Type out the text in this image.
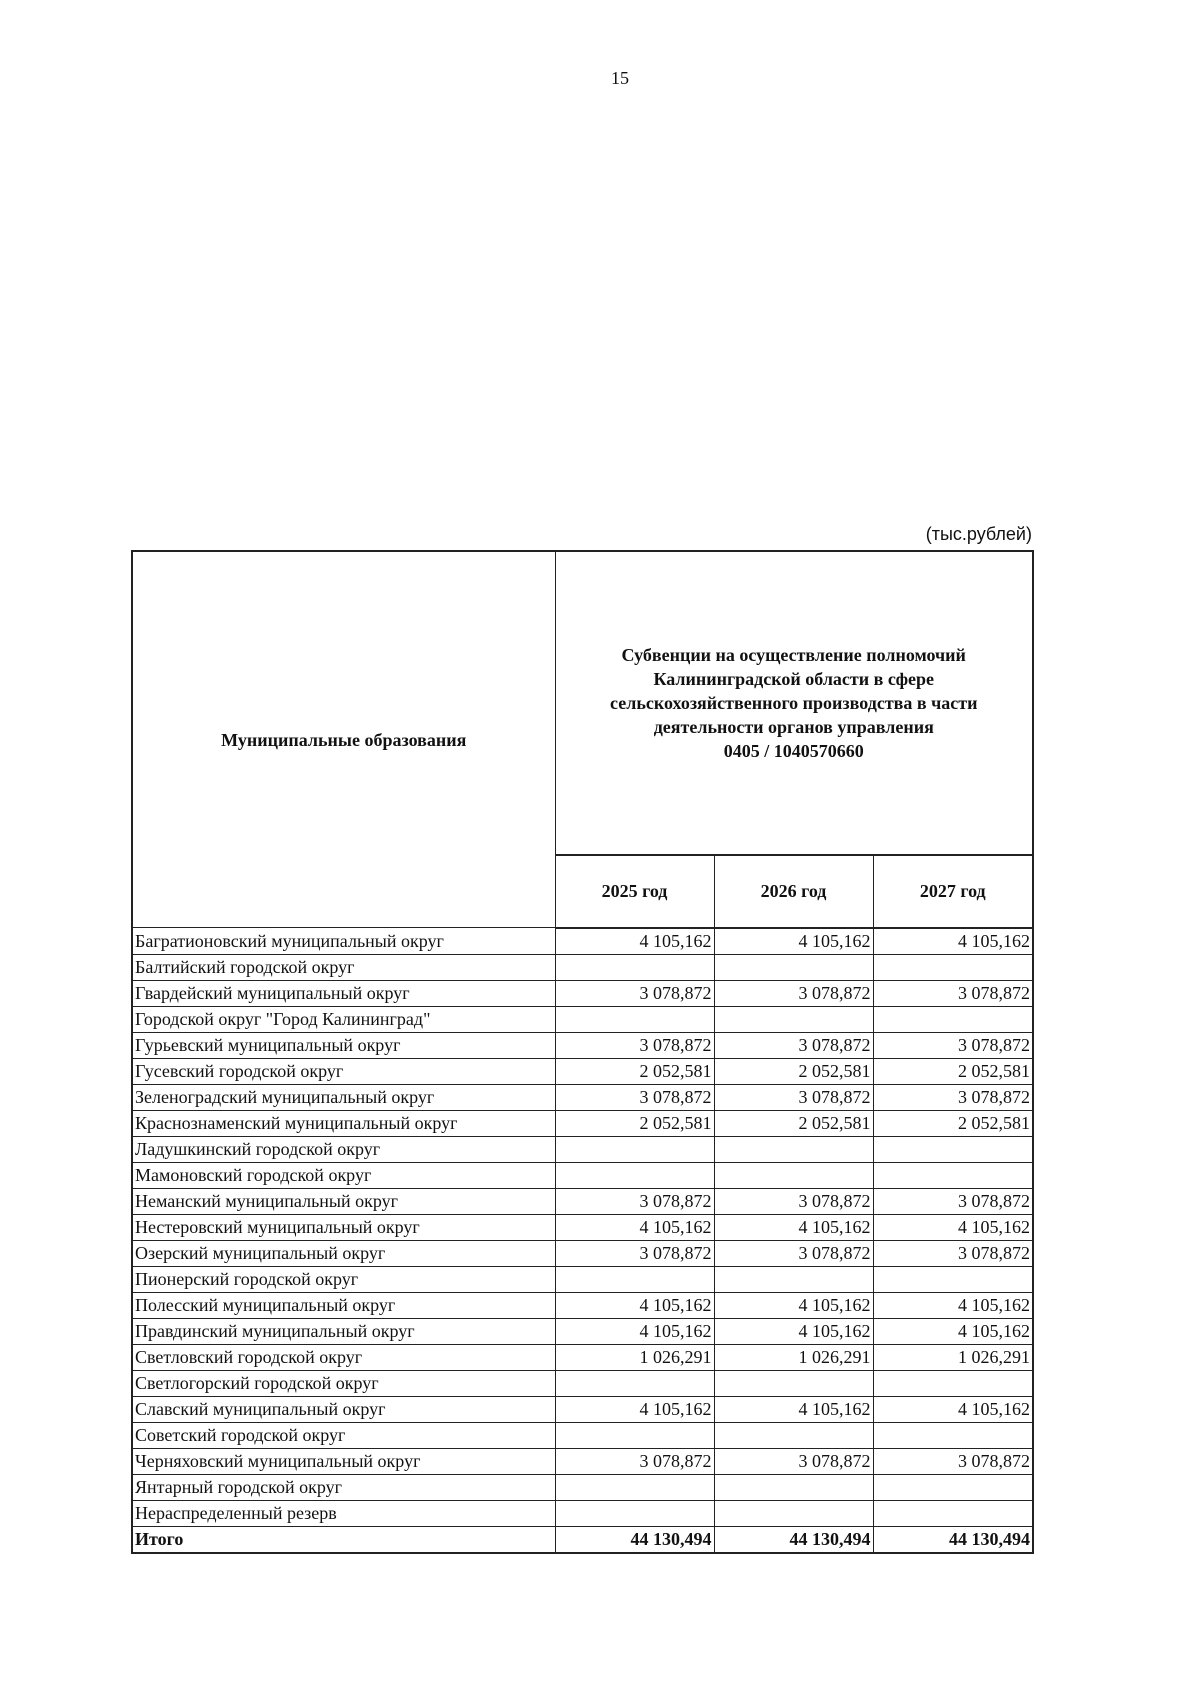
15
(тыс.рублей)
Муниципальные образования	Субвенции на осуществление полномочий
Калининградской области в сфере
сельскохозяйственного производства в части
деятельности органов управления
0405 / 1040570660		

	2025 год	2026 год	2027 год
Багратионовский муниципальный округ	4 105,162	4 105,162	4 105,162
Балтийский городской округ			
Гвардейский муниципальный округ	3 078,872	3 078,872	3 078,872
Городской округ "Город Калининград"			
Гурьевский муниципальный округ	3 078,872	3 078,872	3 078,872
Гусевский городской округ	2 052,581	2 052,581	2 052,581
Зеленоградский муниципальный округ	3 078,872	3 078,872	3 078,872
Краснознаменский муниципальный округ	2 052,581	2 052,581	2 052,581
Ладушкинский городской округ			
Мамоновский городской округ			
Неманский муниципальный округ	3 078,872	3 078,872	3 078,872
Нестеровский муниципальный округ	4 105,162	4 105,162	4 105,162
Озерский муниципальный округ	3 078,872	3 078,872	3 078,872
Пионерский городской округ			
Полесский муниципальный округ	4 105,162	4 105,162	4 105,162
Правдинский муниципальный округ	4 105,162	4 105,162	4 105,162
Светловский городской округ	1 026,291	1 026,291	1 026,291
Светлогорский городской округ			
Славский муниципальный округ	4 105,162	4 105,162	4 105,162
Советский городской округ			
Черняховский муниципальный округ	3 078,872	3 078,872	3 078,872
Янтарный городской округ			
Нераспределенный резерв			
Итого	44 130,494	44 130,494	44 130,494
